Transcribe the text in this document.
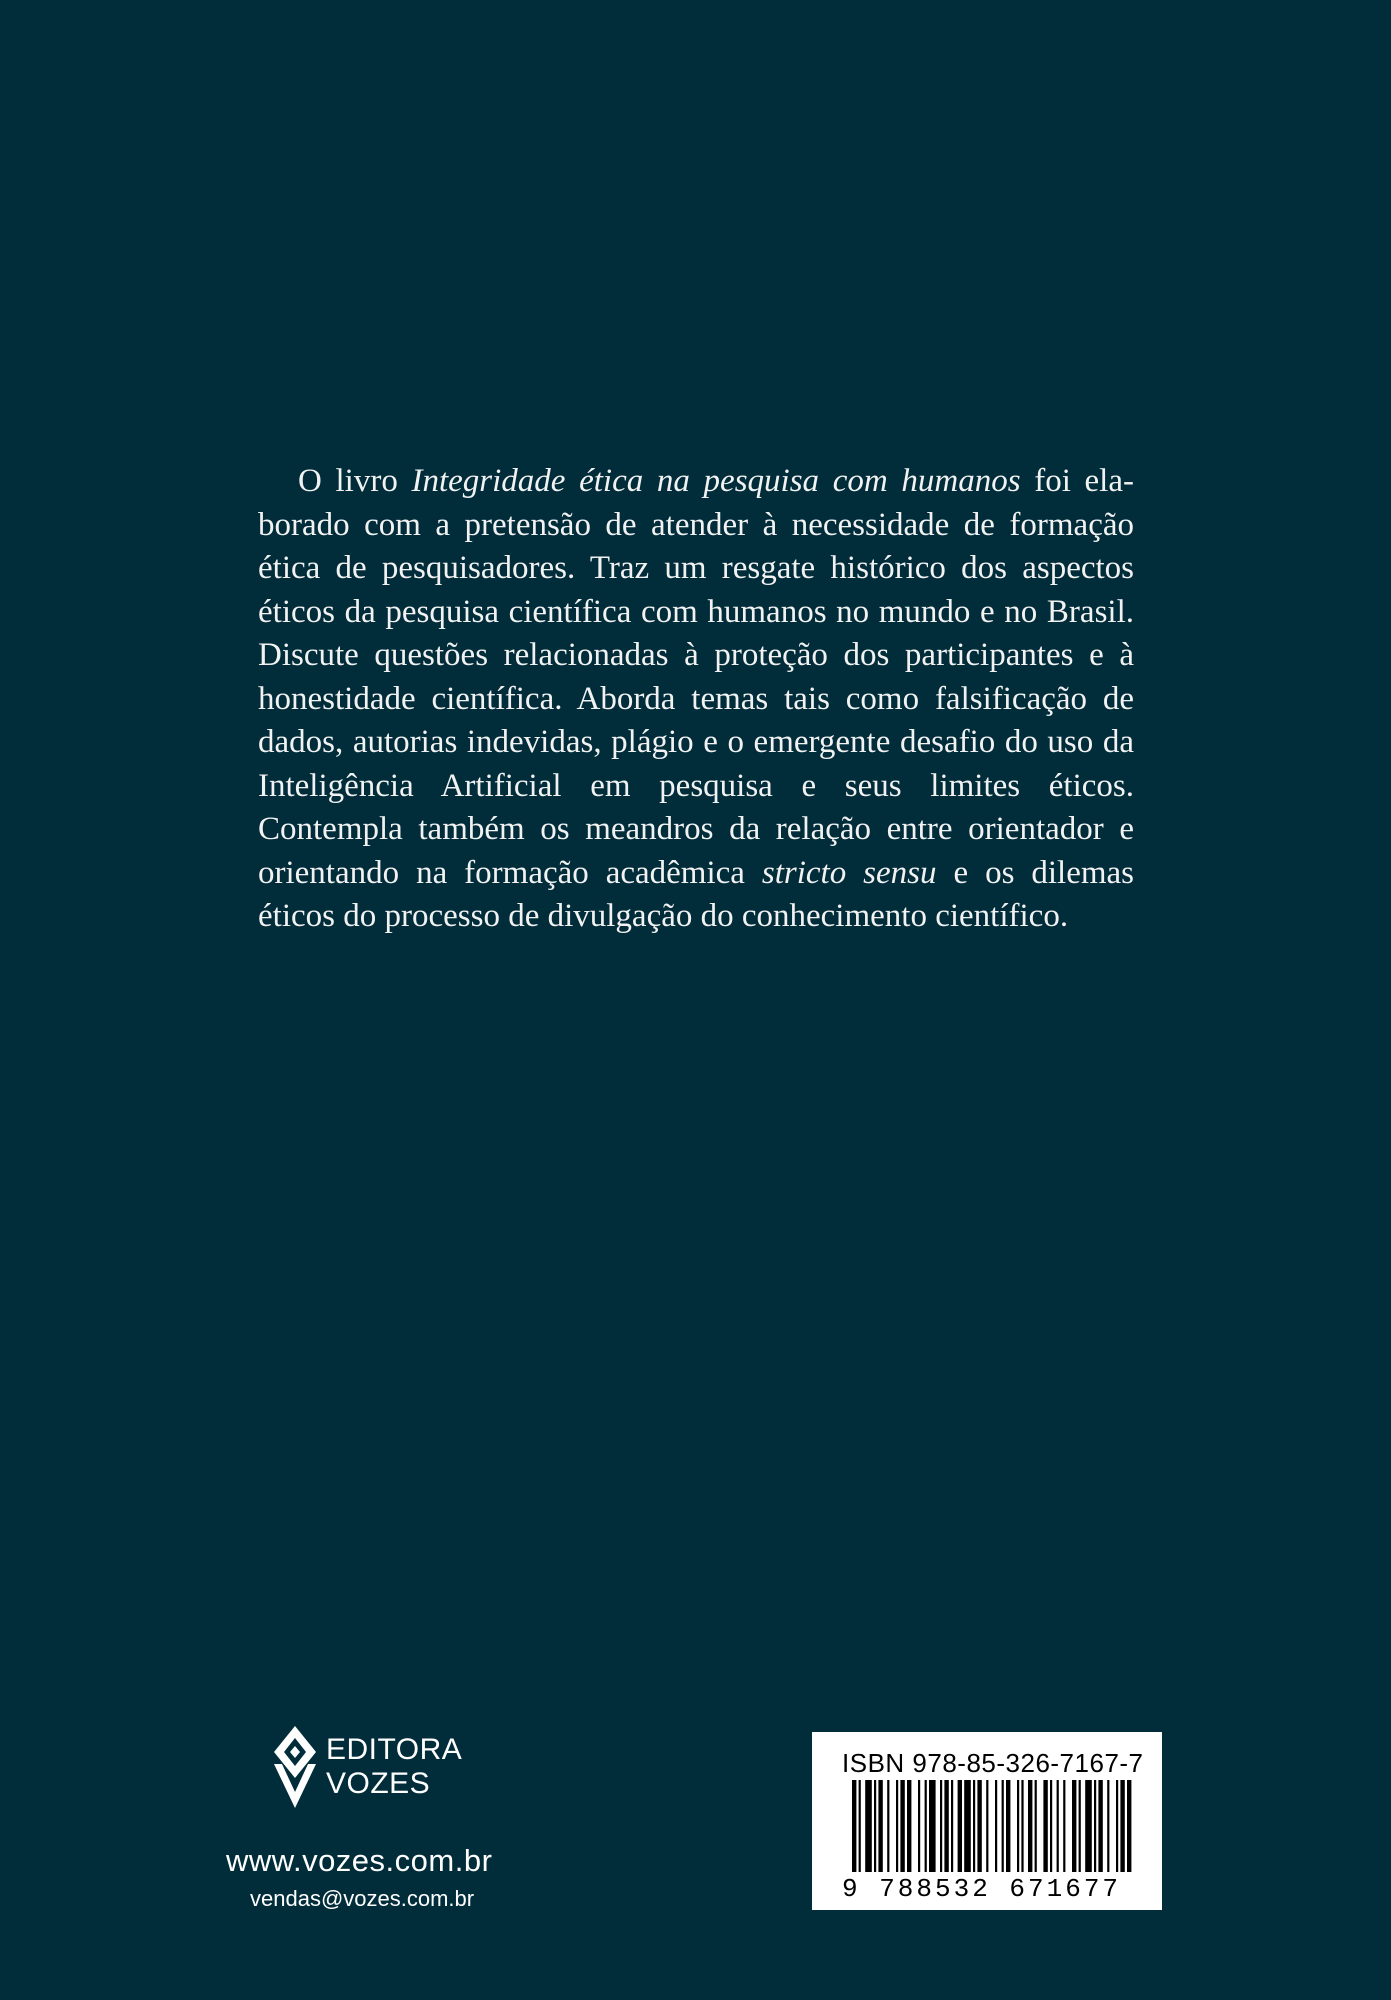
O livro Integridade ética na pesquisa com humanos foi elaborado com a pretensão de atender à necessidade de formação ética de pesquisadores. Traz um resgate histórico dos aspectos éticos da pesquisa científica com humanos no mundo e no Brasil. Discute questões relacionadas à proteção dos participantes e à honestidade científica. Aborda temas tais como falsificação de dados, autorias indevidas, plágio e o emergente desafio do uso da Inteligência Artificial em pesquisa e seus limites éticos. Contempla também os meandros da relação entre orientador e orientando na formação acadêmica stricto sensu e os dilemas éticos do processo de divulgação do conhecimento científico.

EDITORA
VOZES
www.vozes.com.br
vendas@vozes.com.br
ISBN 978-85-326-7167-7
9 788532 671677
